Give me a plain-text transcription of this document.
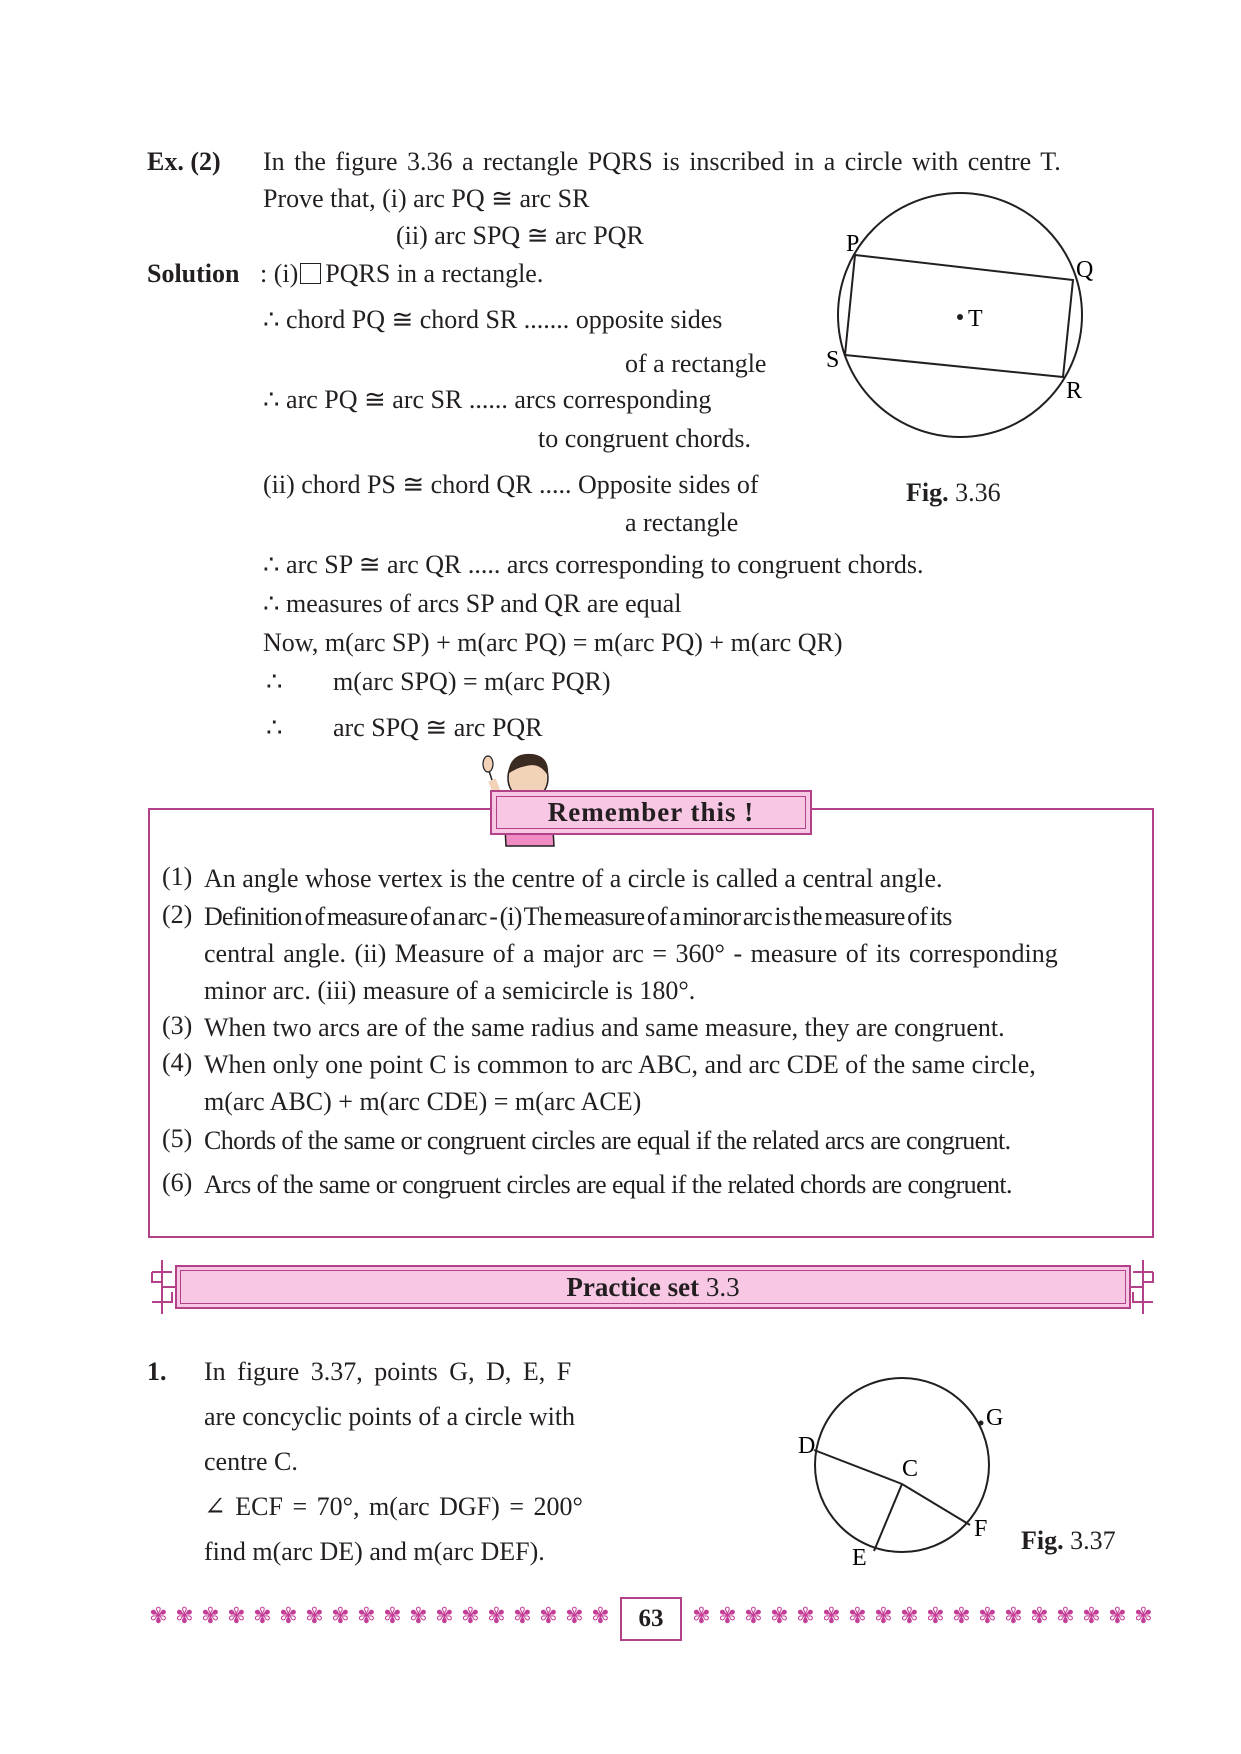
Ex. (2) In the figure 3.36 a rectangle PQRS is inscribed in a circle with centre T.
Prove that, (i) arc PQ ≅ arc SR
(ii) arc SPQ ≅ arc PQR
Solution : (i) PQRS in a rectangle.
∴ chord PQ ≅ chord SR ....... opposite sides
of a rectangle
∴ arc PQ ≅ arc SR ...... arcs corresponding
to congruent chords.
(ii) chord PS ≅ chord QR ..... Opposite sides of
a rectangle
∴ arc SP ≅ arc QR ..... arcs corresponding to congruent chords.
∴ measures of arcs SP and QR are equal
Now, m(arc SP) + m(arc PQ) = m(arc PQ) + m(arc QR)
∴ m(arc SPQ) = m(arc PQR)
∴ arc SPQ ≅ arc PQR
P
Q
R
S
T
Fig. 3.36
Remember this !
(1) An angle whose vertex is the centre of a circle is called a central angle.
(2) Definition of measure of an arc - (i) The measure of a minor arc is the measure of its
central angle. (ii) Measure of a major arc = 360° - measure of its corresponding
minor arc. (iii) measure of a semicircle is 180°.
(3) When two arcs are of the same radius and same measure, they are congruent.
(4) When only one point C is common to arc ABC, and arc CDE of the same circle,
m(arc ABC) + m(arc CDE) = m(arc ACE)
(5) Chords of the same or congruent circles are equal if the related arcs are congruent.
(6) Arcs of the same or congruent circles are equal if the related chords are congruent.
Practice set
3.3
1. In figure 3.37, points G, D, E, F
are concyclic points of a circle with
centre C.
∠ ECF = 70°, m(arc DGF) = 200°
find m(arc DE) and m(arc DEF).
D
G
C
F
E
Fig. 3.37
✾ ✾ ✾ ✾ ✾ ✾ ✾ ✾ ✾ ✾ ✾ ✾ ✾ ✾ ✾ ✾ ✾ ✾	63	✾ ✾ ✾ ✾ ✾ ✾ ✾ ✾ ✾ ✾ ✾ ✾ ✾ ✾ ✾ ✾ ✾ ✾
